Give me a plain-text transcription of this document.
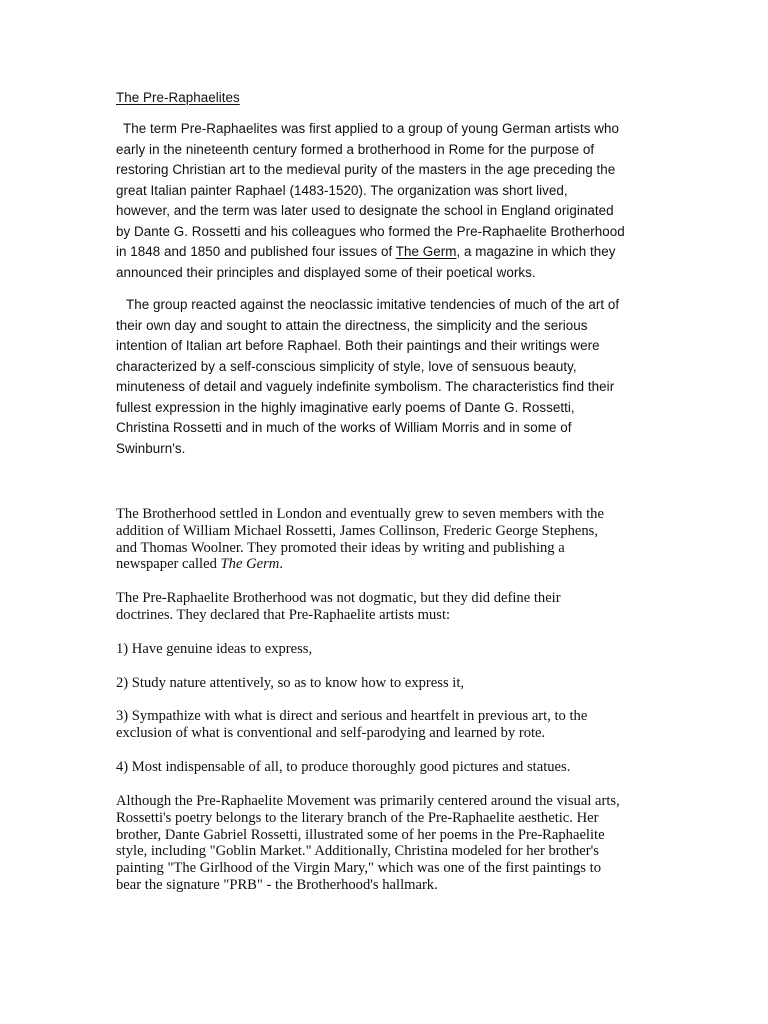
The Pre-Raphaelites

The term Pre-Raphaelites was first applied to a group of young German artists who
early in the nineteenth century formed a brotherhood in Rome for the purpose of
restoring Christian art to the medieval purity of the masters in the age preceding the
great Italian painter Raphael (1483-1520). The organization was short lived,
however, and the term was later used to designate the school in England originated
by Dante G. Rossetti and his colleagues who formed the Pre-Raphaelite Brotherhood
in 1848 and 1850 and published four issues of The Germ, a magazine in which they
announced their principles and displayed some of their poetical works.

The group reacted against the neoclassic imitative tendencies of much of the art of
their own day and sought to attain the directness, the simplicity and the serious
intention of Italian art before Raphael. Both their paintings and their writings were
characterized by a self-conscious simplicity of style, love of sensuous beauty,
minuteness of detail and vaguely indefinite symbolism. The characteristics find their
fullest expression in the highly imaginative early poems of Dante G. Rossetti,
Christina Rossetti and in much of the works of William Morris and in some of
Swinburn's.

The Brotherhood settled in London and eventually grew to seven members with the
addition of William Michael Rossetti, James Collinson, Frederic George Stephens,
and Thomas Woolner. They promoted their ideas by writing and publishing a
newspaper called The Germ.

The Pre-Raphaelite Brotherhood was not dogmatic, but they did define their
doctrines. They declared that Pre-Raphaelite artists must:

1) Have genuine ideas to express,

2) Study nature attentively, so as to know how to express it,

3) Sympathize with what is direct and serious and heartfelt in previous art, to the
exclusion of what is conventional and self-parodying and learned by rote.

4) Most indispensable of all, to produce thoroughly good pictures and statues.

Although the Pre-Raphaelite Movement was primarily centered around the visual arts,
Rossetti's poetry belongs to the literary branch of the Pre-Raphaelite aesthetic. Her
brother, Dante Gabriel Rossetti, illustrated some of her poems in the Pre-Raphaelite
style, including "Goblin Market." Additionally, Christina modeled for her brother's
painting "The Girlhood of the Virgin Mary," which was one of the first paintings to
bear the signature "PRB" - the Brotherhood's hallmark.
